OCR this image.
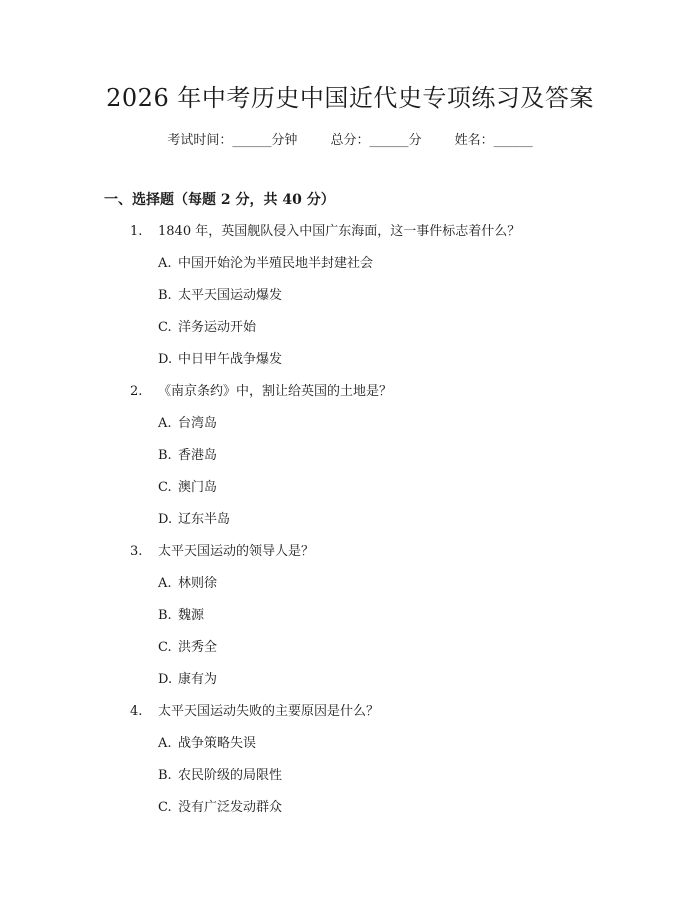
2026 年中考历史中国近代史专项练习及答案
考试时间：______分钟	总分：______分	姓名：______
一、选择题（每题 2 分，共 40 分）
1. 1840 年，英国舰队侵入中国广东海面，这一事件标志着什么？
A. 中国开始沦为半殖民地半封建社会
B. 太平天国运动爆发
C. 洋务运动开始
D. 中日甲午战争爆发
2. 《南京条约》中，割让给英国的土地是？
A. 台湾岛
B. 香港岛
C. 澳门岛
D. 辽东半岛
3. 太平天国运动的领导人是？
A. 林则徐
B. 魏源
C. 洪秀全
D. 康有为
4. 太平天国运动失败的主要原因是什么？
A. 战争策略失误
B. 农民阶级的局限性
C. 没有广泛发动群众
